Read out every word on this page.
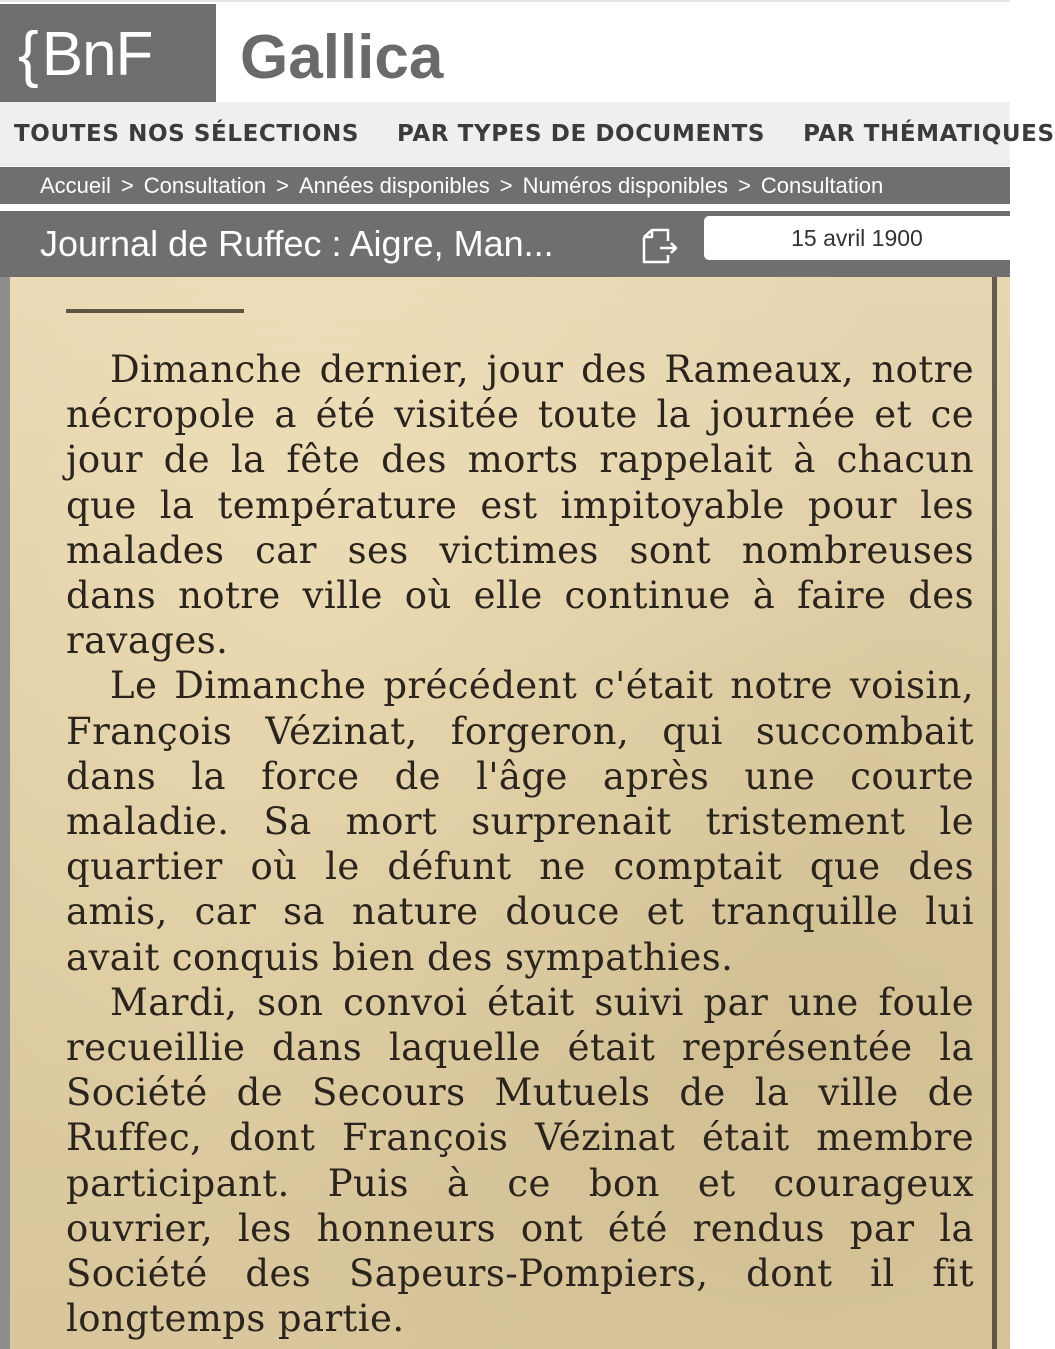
{ BnF Gallica
TOUTES NOS SÉLECTIONS PAR TYPES DE DOCUMENTS PAR THÉMATIQUES
Accueil > Consultation > Années disponibles > Numéros disponibles > Consultation
Journal de Ruffec : Aigre, Man...	15 avril 1900

Dimanche dernier, jour des Rameaux, notre nécropole a été visitée toute la journée et ce jour de la fête des morts rappelait à chacun que la température est impitoyable pour les malades car ses victimes sont nombreuses dans notre ville où elle continue à faire des ravages.

Le Dimanche précédent c'était notre voisin, François Vézinat, forgeron, qui succombait dans la force de l'âge après une courte maladie. Sa mort surprenait tristement le quartier où le défunt ne comptait que des amis, car sa nature douce et tranquille lui avait conquis bien des sympathies.

Mardi, son convoi était suivi par une foule recueillie dans laquelle était représentée la Société de Secours Mutuels de la ville de Ruffec, dont François Vézinat était membre participant. Puis à ce bon et courageux ouvrier, les honneurs ont été rendus par la Société des Sapeurs-Pompiers, dont il fit longtemps partie.
